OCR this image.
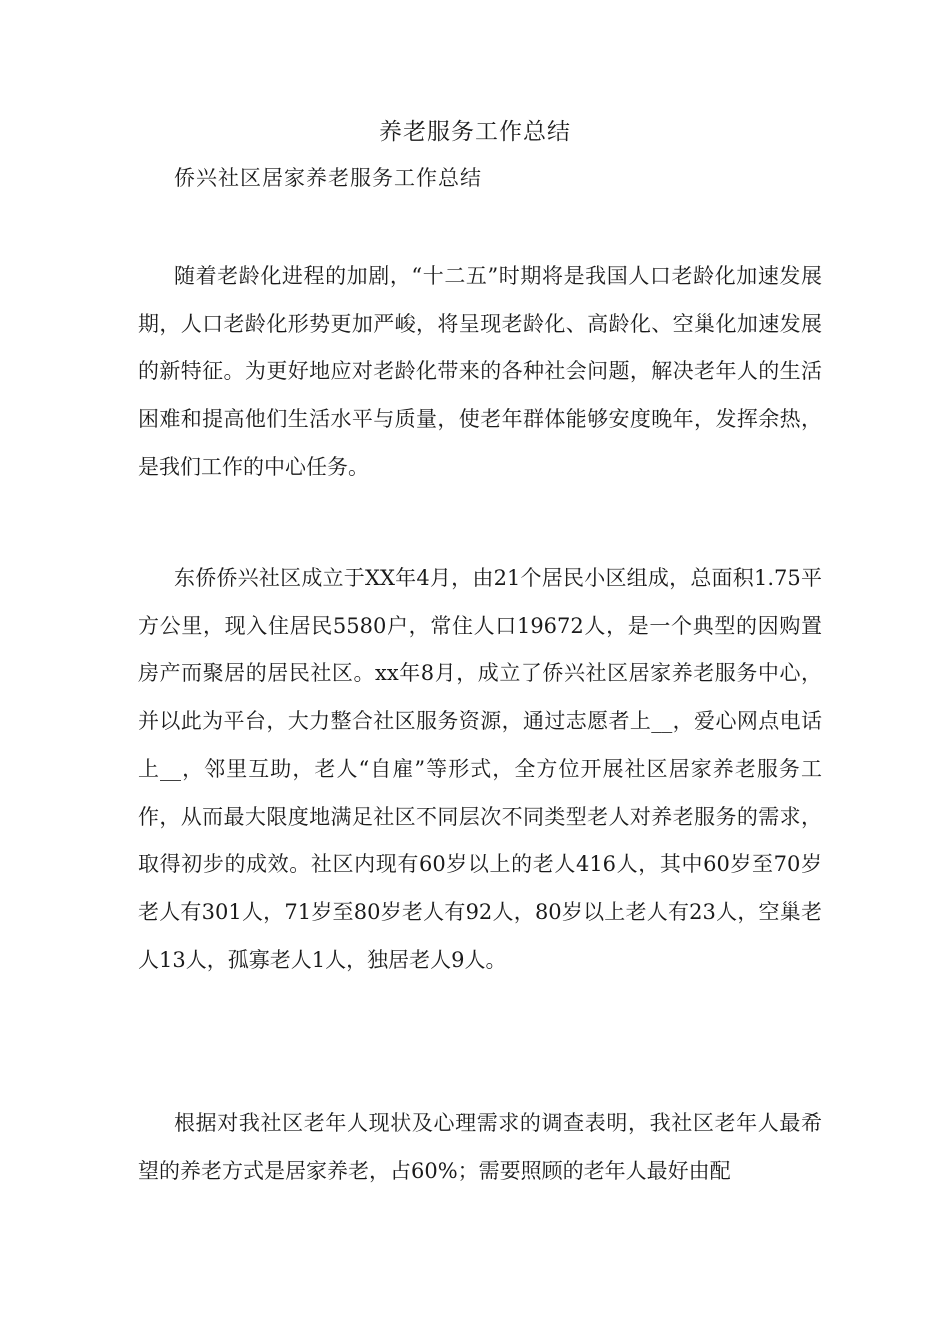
养老服务工作总结
侨兴社区居家养老服务工作总结

随着老龄化进程的加剧，“十二五”时期将是我国人口老龄化加速发展期，人口老龄化形势更加严峻，将呈现老龄化、高龄化、空巢化加速发展的新特征。为更好地应对老龄化带来的各种社会问题，解决老年人的生活困难和提高他们生活水平与质量，使老年群体能够安度晚年，发挥余热，是我们工作的中心任务。

东侨侨兴社区成立于XX年4月，由21个居民小区组成，总面积1.75平方公里，现入住居民5580户，常住人口19672人，是一个典型的因购置房产而聚居的居民社区。xx年8月，成立了侨兴社区居家养老服务中心，并以此为平台，大力整合社区服务资源，通过志愿者上__，爱心网点电话上__，邻里互助，老人“自雇”等形式，全方位开展社区居家养老服务工作，从而最大限度地满足社区不同层次不同类型老人对养老服务的需求，取得初步的成效。社区内现有60岁以上的老人416人，其中60岁至70岁老人有301人，71岁至80岁老人有92人，80岁以上老人有23人，空巢老人13人，孤寡老人1人，独居老人9人。

根据对我社区老年人现状及心理需求的调查表明，我社区老年人最希望的养老方式是居家养老，占60%；需要照顾的老年人最好由配
